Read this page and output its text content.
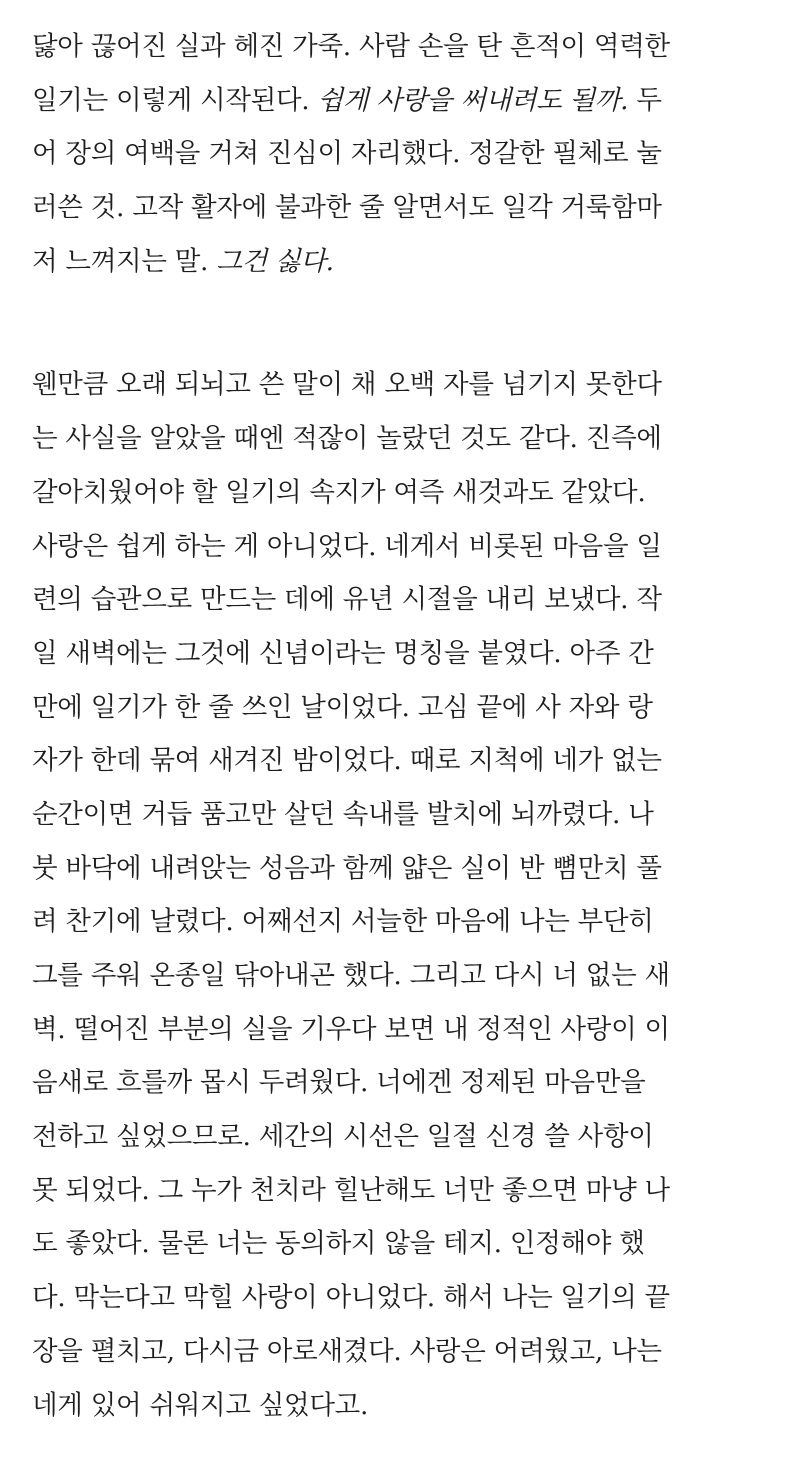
닳아 끊어진 실과 헤진 가죽. 사람 손을 탄 흔적이 역력한
일기는 이렇게 시작된다. 쉽게 사랑을 써내려도 될까. 두
어 장의 여백을 거쳐 진심이 자리했다. 정갈한 필체로 눌
러쓴 것. 고작 활자에 불과한 줄 알면서도 일각 거룩함마
저 느껴지는 말. 그건 싫다.

웬만큼 오래 되뇌고 쓴 말이 채 오백 자를 넘기지 못한다
는 사실을 알았을 때엔 적잖이 놀랐던 것도 같다. 진즉에
갈아치웠어야 할 일기의 속지가 여즉 새것과도 같았다.
사랑은 쉽게 하는 게 아니었다. 네게서 비롯된 마음을 일
련의 습관으로 만드는 데에 유년 시절을 내리 보냈다. 작
일 새벽에는 그것에 신념이라는 명칭을 붙였다. 아주 간
만에 일기가 한 줄 쓰인 날이었다. 고심 끝에 사 자와 랑
자가 한데 묶여 새겨진 밤이었다. 때로 지척에 네가 없는
순간이면 거듭 품고만 살던 속내를 발치에 뇌까렸다. 나
붓 바닥에 내려앉는 성음과 함께 얇은 실이 반 뼘만치 풀
려 찬기에 날렸다. 어째선지 서늘한 마음에 나는 부단히
그를 주워 온종일 닦아내곤 했다. 그리고 다시 너 없는 새
벽. 떨어진 부분의 실을 기우다 보면 내 정적인 사랑이 이
음새로 흐를까 몹시 두려웠다. 너에겐 정제된 마음만을
전하고 싶었으므로. 세간의 시선은 일절 신경 쓸 사항이
못 되었다. 그 누가 천치라 힐난해도 너만 좋으면 마냥 나
도 좋았다. 물론 너는 동의하지 않을 테지. 인정해야 했
다. 막는다고 막힐 사랑이 아니었다. 해서 나는 일기의 끝
장을 펼치고, 다시금 아로새겼다. 사랑은 어려웠고, 나는
네게 있어 쉬워지고 싶었다고.
